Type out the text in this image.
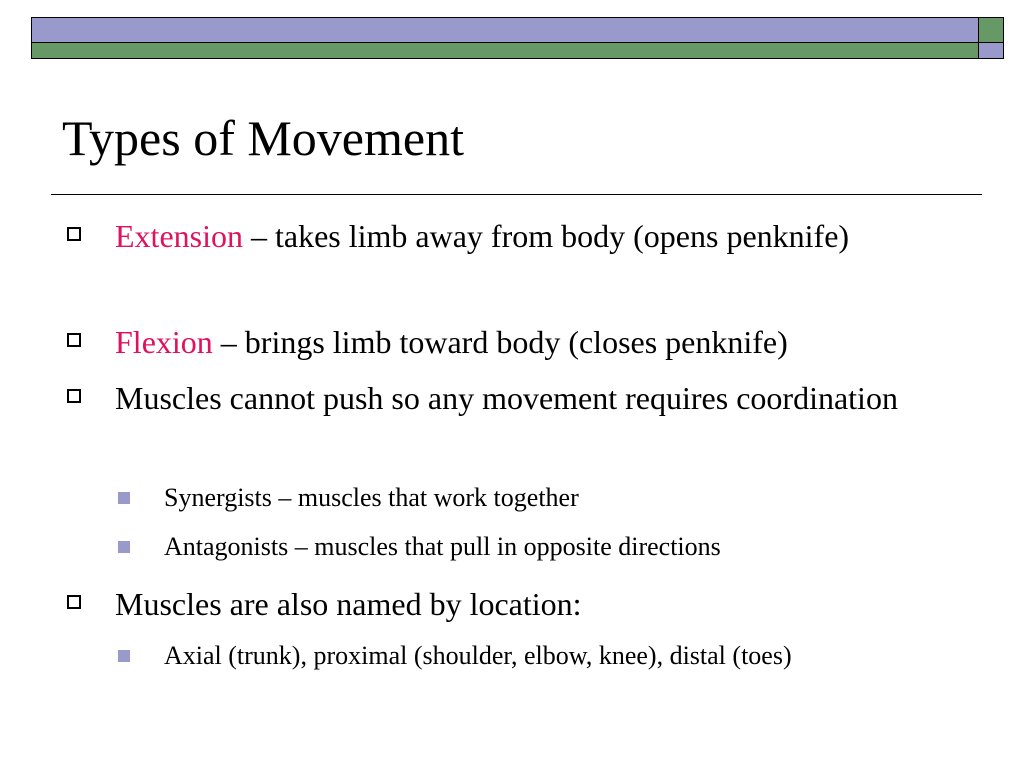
Types of Movement
Extension – takes limb away from body (opens penknife)
Flexion – brings limb toward body (closes penknife)
Muscles cannot push so any movement requires coordination
Synergists – muscles that work together
Antagonists – muscles that pull in opposite directions
Muscles are also named by location:
Axial (trunk), proximal (shoulder, elbow, knee), distal (toes)
